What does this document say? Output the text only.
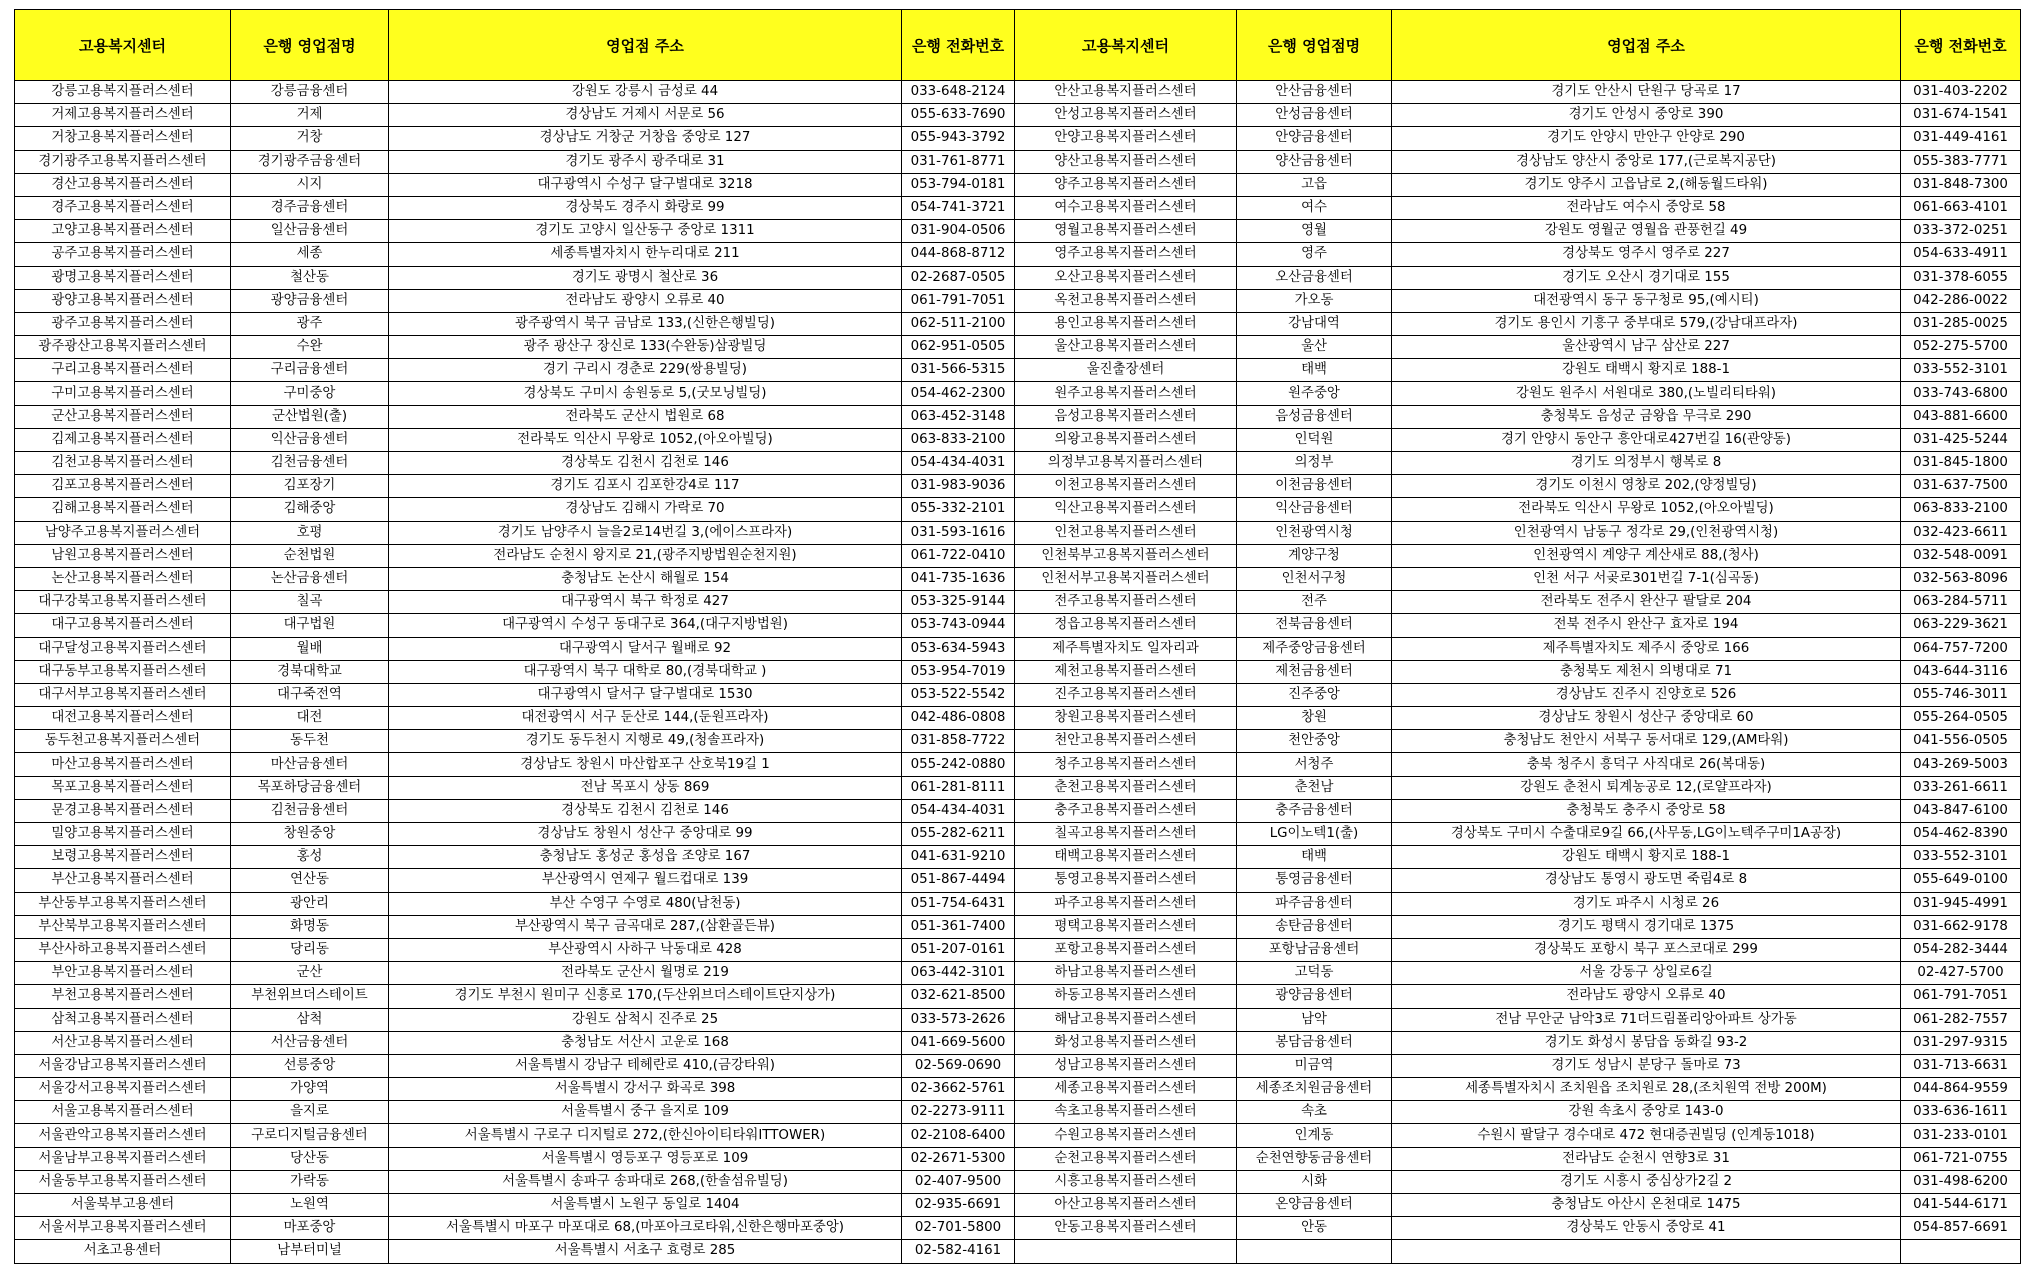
고용복지센터	은행 영업점명	영업점 주소	은행 전화번호	고용복지센터	은행 영업점명	영업점 주소	은행 전화번호
강릉고용복지플러스센터	강릉금융센터	강원도 강릉시 금성로 44	033-648-2124	안산고용복지플러스센터	안산금융센터	경기도 안산시 단원구 당곡로 17	031-403-2202
거제고용복지플러스센터	거제	경상남도 거제시 서문로 56	055-633-7690	안성고용복지플러스센터	안성금융센터	경기도 안성시 중앙로 390	031-674-1541
거창고용복지플러스센터	거창	경상남도 거창군 거창읍 중앙로 127	055-943-3792	안양고용복지플러스센터	안양금융센터	경기도 안양시 만안구 안양로 290	031-449-4161
경기광주고용복지플러스센터	경기광주금융센터	경기도 광주시 광주대로 31	031-761-8771	양산고용복지플러스센터	양산금융센터	경상남도 양산시 중앙로 177,(근로복지공단)	055-383-7771
경산고용복지플러스센터	시지	대구광역시 수성구 달구벌대로 3218	053-794-0181	양주고용복지플러스센터	고읍	경기도 양주시 고읍남로 2,(해동월드타워)	031-848-7300
경주고용복지플러스센터	경주금융센터	경상북도 경주시 화랑로 99	054-741-3721	여수고용복지플러스센터	여수	전라남도 여수시 중앙로 58	061-663-4101
고양고용복지플러스센터	일산금융센터	경기도 고양시 일산동구 중앙로 1311	031-904-0506	영월고용복지플러스센터	영월	강원도 영월군 영월읍 관풍헌길 49	033-372-0251
공주고용복지플러스센터	세종	세종특별자치시 한누리대로 211	044-868-8712	영주고용복지플러스센터	영주	경상북도 영주시 영주로 227	054-633-4911
광명고용복지플러스센터	철산동	경기도 광명시 철산로 36	02-2687-0505	오산고용복지플러스센터	오산금융센터	경기도 오산시 경기대로 155	031-378-6055
광양고용복지플러스센터	광양금융센터	전라남도 광양시 오류로 40	061-791-7051	옥천고용복지플러스센터	가오동	대전광역시 동구 동구청로 95,(예시티)	042-286-0022
광주고용복지플러스센터	광주	광주광역시 북구 금남로 133,(신한은행빌딩)	062-511-2100	용인고용복지플러스센터	강남대역	경기도 용인시 기흥구 중부대로 579,(강남대프라자)	031-285-0025
광주광산고용복지플러스센터	수완	광주 광산구 장신로 133(수완동)삼광빌딩	062-951-0505	울산고용복지플러스센터	울산	울산광역시 남구 삼산로 227	052-275-5700
구리고용복지플러스센터	구리금융센터	경기 구리시 경춘로 229(쌍용빌딩)	031-566-5315	울진출장센터	태백	강원도 태백시 황지로 188-1	033-552-3101
구미고용복지플러스센터	구미중앙	경상북도 구미시 송원동로 5,(굿모닝빌딩)	054-462-2300	원주고용복지플러스센터	원주중앙	강원도 원주시 서원대로 380,(노빌리티타워)	033-743-6800
군산고용복지플러스센터	군산법원(출)	전라북도 군산시 법원로 68	063-452-3148	음성고용복지플러스센터	음성금융센터	충청북도 음성군 금왕읍 무극로 290	043-881-6600
김제고용복지플러스센터	익산금융센터	전라북도 익산시 무왕로 1052,(아오아빌딩)	063-833-2100	의왕고용복지플러스센터	인덕원	경기 안양시 동안구 흥안대로427번길 16(관양동)	031-425-5244
김천고용복지플러스센터	김천금융센터	경상북도 김천시 김천로 146	054-434-4031	의정부고용복지플러스센터	의정부	경기도 의정부시 행복로 8	031-845-1800
김포고용복지플러스센터	김포장기	경기도 김포시 김포한강4로 117	031-983-9036	이천고용복지플러스센터	이천금융센터	경기도 이천시 영창로 202,(양정빌딩)	031-637-7500
김해고용복지플러스센터	김해중앙	경상남도 김해시 가락로 70	055-332-2101	익산고용복지플러스센터	익산금융센터	전라북도 익산시 무왕로 1052,(아오아빌딩)	063-833-2100
남양주고용복지플러스센터	호평	경기도 남양주시 늘을2로14번길 3,(에이스프라자)	031-593-1616	인천고용복지플러스센터	인천광역시청	인천광역시 남동구 정각로 29,(인천광역시청)	032-423-6611
남원고용복지플러스센터	순천법원	전라남도 순천시 왕지로 21,(광주지방법원순천지원)	061-722-0410	인천북부고용복지플러스센터	계양구청	인천광역시 계양구 계산새로 88,(청사)	032-548-0091
논산고용복지플러스센터	논산금융센터	충청남도 논산시 해월로 154	041-735-1636	인천서부고용복지플러스센터	인천서구청	인천 서구 서곶로301번길 7-1(심곡동)	032-563-8096
대구강북고용복지플러스센터	칠곡	대구광역시 북구 학정로 427	053-325-9144	전주고용복지플러스센터	전주	전라북도 전주시 완산구 팔달로 204	063-284-5711
대구고용복지플러스센터	대구법원	대구광역시 수성구 동대구로 364,(대구지방법원)	053-743-0944	정읍고용복지플러스센터	전북금융센터	전북 전주시 완산구 효자로 194	063-229-3621
대구달성고용복지플러스센터	월배	대구광역시 달서구 월배로 92	053-634-5943	제주특별자치도 일자리과	제주중앙금융센터	제주특별자치도 제주시 중앙로 166	064-757-7200
대구동부고용복지플러스센터	경북대학교	대구광역시 북구 대학로 80,(경북대학교 )	053-954-7019	제천고용복지플러스센터	제천금융센터	충청북도 제천시 의병대로 71	043-644-3116
대구서부고용복지플러스센터	대구죽전역	대구광역시 달서구 달구벌대로 1530	053-522-5542	진주고용복지플러스센터	진주중앙	경상남도 진주시 진양호로 526	055-746-3011
대전고용복지플러스센터	대전	대전광역시 서구 둔산로 144,(둔원프라자)	042-486-0808	창원고용복지플러스센터	창원	경상남도 창원시 성산구 중앙대로 60	055-264-0505
동두천고용복지플러스센터	동두천	경기도 동두천시 지행로 49,(청솔프라자)	031-858-7722	천안고용복지플러스센터	천안중앙	충청남도 천안시 서북구 동서대로 129,(AM타워)	041-556-0505
마산고용복지플러스센터	마산금융센터	경상남도 창원시 마산합포구 산호북19길 1	055-242-0880	청주고용복지플러스센터	서청주	충북 청주시 흥덕구 사직대로 26(복대동)	043-269-5003
목포고용복지플러스센터	목포하당금융센터	전남 목포시 상동 869	061-281-8111	춘천고용복지플러스센터	춘천남	강원도 춘천시 퇴계농공로 12,(로얄프라자)	033-261-6611
문경고용복지플러스센터	김천금융센터	경상북도 김천시 김천로 146	054-434-4031	충주고용복지플러스센터	충주금융센터	충청북도 충주시 중앙로 58	043-847-6100
밀양고용복지플러스센터	창원중앙	경상남도 창원시 성산구 중앙대로 99	055-282-6211	칠곡고용복지플러스센터	LG이노텍1(출)	경상북도 구미시 수출대로9길 66,(사무동,LG이노텍주구미1A공장)	054-462-8390
보령고용복지플러스센터	홍성	충청남도 홍성군 홍성읍 조양로 167	041-631-9210	태백고용복지플러스센터	태백	강원도 태백시 황지로 188-1	033-552-3101
부산고용복지플러스센터	연산동	부산광역시 연제구 월드컵대로 139	051-867-4494	통영고용복지플러스센터	통영금융센터	경상남도 통영시 광도면 죽림4로 8	055-649-0100
부산동부고용복지플러스센터	광안리	부산 수영구 수영로 480(남천동)	051-754-6431	파주고용복지플러스센터	파주금융센터	경기도 파주시 시청로 26	031-945-4991
부산북부고용복지플러스센터	화명동	부산광역시 북구 금곡대로 287,(삼환골든뷰)	051-361-7400	평택고용복지플러스센터	송탄금융센터	경기도 평택시 경기대로 1375	031-662-9178
부산사하고용복지플러스센터	당리동	부산광역시 사하구 낙동대로 428	051-207-0161	포항고용복지플러스센터	포항남금융센터	경상북도 포항시 북구 포스코대로 299	054-282-3444
부안고용복지플러스센터	군산	전라북도 군산시 월명로 219	063-442-3101	하남고용복지플러스센터	고덕동	서울 강동구 상일로6길	02-427-5700
부천고용복지플러스센터	부천위브더스테이트	경기도 부천시 원미구 신흥로 170,(두산위브더스테이트단지상가)	032-621-8500	하동고용복지플러스센터	광양금융센터	전라남도 광양시 오류로 40	061-791-7051
삼척고용복지플러스센터	삼척	강원도 삼척시 진주로 25	033-573-2626	해남고용복지플러스센터	남악	전남 무안군 남악3로 71더드림폴리앙아파트 상가동	061-282-7557
서산고용복지플러스센터	서산금융센터	충청남도 서산시 고운로 168	041-669-5600	화성고용복지플러스센터	봉담금융센터	경기도 화성시 봉담읍 동화길 93-2	031-297-9315
서울강남고용복지플러스센터	선릉중앙	서울특별시 강남구 테헤란로 410,(금강타워)	02-569-0690	성남고용복지플러스센터	미금역	경기도 성남시 분당구 돌마로 73	031-713-6631
서울강서고용복지플러스센터	가양역	서울특별시 강서구 화곡로 398	02-3662-5761	세종고용복지플러스센터	세종조치원금융센터	세종특별자치시 조치원읍 조치원로 28,(조치원역 전방 200M)	044-864-9559
서울고용복지플러스센터	을지로	서울특별시 중구 을지로 109	02-2273-9111	속초고용복지플러스센터	속초	강원 속초시 중앙로 143-0	033-636-1611
서울관악고용복지플러스센터	구로디지털금융센터	서울특별시 구로구 디지털로 272,(한신아이티타워ITTOWER)	02-2108-6400	수원고용복지플러스센터	인계동	수원시 팔달구 경수대로 472 현대증권빌딩 (인계동1018)	031-233-0101
서울남부고용복지플러스센터	당산동	서울특별시 영등포구 영등포로 109	02-2671-5300	순천고용복지플러스센터	순천연향동금융센터	전라남도 순천시 연향3로 31	061-721-0755
서울동부고용복지플러스센터	가락동	서울특별시 송파구 송파대로 268,(한솔섬유빌딩)	02-407-9500	시흥고용복지플러스센터	시화	경기도 시흥시 중심상가2길 2	031-498-6200
서울북부고용센터	노원역	서울특별시 노원구 동일로 1404	02-935-6691	아산고용복지플러스센터	온양금융센터	충청남도 아산시 온천대로 1475	041-544-6171
서울서부고용복지플러스센터	마포중앙	서울특별시 마포구 마포대로 68,(마포아크로타워,신한은행마포중앙)	02-701-5800	안동고용복지플러스센터	안동	경상북도 안동시 중앙로 41	054-857-6691
서초고용센터	남부터미널	서울특별시 서초구 효령로 285	02-582-4161				
